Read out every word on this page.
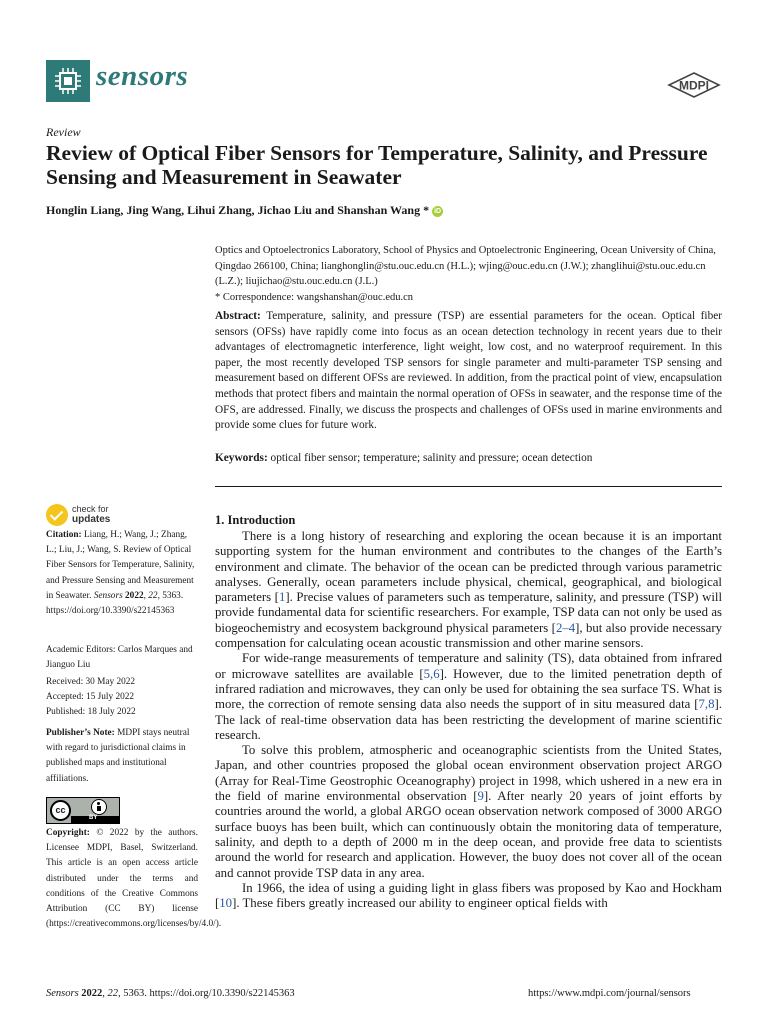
sensors	MDPI
Review
Review of Optical Fiber Sensors for Temperature, Salinity, and Pressure Sensing and Measurement in Seawater
Honglin Liang, Jing Wang, Lihui Zhang, Jichao Liu and Shanshan Wang * iD
Optics and Optoelectronics Laboratory, School of Physics and Optoelectronic Engineering, Ocean University of China, Qingdao 266100, China; lianghonglin@stu.ouc.edu.cn (H.L.); wjing@ouc.edu.cn (J.W.); zhanglihui@stu.ouc.edu.cn (L.Z.); liujichao@stu.ouc.edu.cn (J.L.)
* Correspondence: wangshanshan@ouc.edu.cn
Abstract: Temperature, salinity, and pressure (TSP) are essential parameters for the ocean. Optical fiber sensors (OFSs) have rapidly come into focus as an ocean detection technology in recent years due to their advantages of electromagnetic interference, light weight, low cost, and no waterproof requirement. In this paper, the most recently developed TSP sensors for single parameter and multi-parameter TSP sensing and measurement based on different OFSs are reviewed. In addition, from the practical point of view, encapsulation methods that protect fibers and maintain the normal operation of OFSs in seawater, and the response time of the OFS, are addressed. Finally, we discuss the prospects and challenges of OFSs used in marine environments and provide some clues for future work.
Keywords: optical fiber sensor; temperature; salinity and pressure; ocean detection
check for
updates
Citation: Liang, H.; Wang, J.; Zhang, L.; Liu, J.; Wang, S. Review of Optical Fiber Sensors for Temperature, Salinity, and Pressure Sensing and Measurement in Seawater. Sensors 2022, 22, 5363. https://doi.org/10.3390/s22145363
Academic Editors: Carlos Marques and Jianguo Liu
Received: 30 May 2022
Accepted: 15 July 2022
Published: 18 July 2022
Publisher’s Note: MDPI stays neutral with regard to jurisdictional claims in published maps and institutional affiliations.
cc
BY
Copyright: © 2022 by the authors. Licensee MDPI, Basel, Switzerland. This article is an open access article distributed under the terms and conditions of the Creative Commons Attribution (CC BY) license (https://creativecommons.org/licenses/by/4.0/).
1. Introduction

There is a long history of researching and exploring the ocean because it is an important supporting system for the human environment and contributes to the changes of the Earth’s environment and climate. The behavior of the ocean can be predicted through various parametric analyses. Generally, ocean parameters include physical, chemical, geographical, and biological parameters [1]. Precise values of parameters such as temperature, salinity, and pressure (TSP) will provide fundamental data for scientific researchers. For example, TSP data can not only be used as biogeochemistry and ecosystem background physical parameters [2–4], but also provide necessary compensation for calculating ocean acoustic transmission and other marine sensors.

For wide-range measurements of temperature and salinity (TS), data obtained from infrared or microwave satellites are available [5,6]. However, due to the limited penetration depth of infrared radiation and microwaves, they can only be used for obtaining the sea surface TS. What is more, the correction of remote sensing data also needs the support of in situ measured data [7,8]. The lack of real-time observation data has been restricting the development of marine scientific research.

To solve this problem, atmospheric and oceanographic scientists from the United States, Japan, and other countries proposed the global ocean environment observation project ARGO (Array for Real-Time Geostrophic Oceanography) project in 1998, which ushered in a new era in the field of marine environmental observation [9]. After nearly 20 years of joint efforts by countries around the world, a global ARGO ocean observation network composed of 3000 ARGO surface buoys has been built, which can continuously obtain the monitoring data of temperature, salinity, and depth to a depth of 2000 m in the deep ocean, and provide free data to scientists around the world for research and application. However, the buoy does not cover all of the ocean and cannot provide TSP data in any area.

In 1966, the idea of using a guiding light in glass fibers was proposed by Kao and Hockham [10]. These fibers greatly increased our ability to engineer optical fields with

Sensors 2022, 22, 5363. https://doi.org/10.3390/s22145363	https://www.mdpi.com/journal/sensors
